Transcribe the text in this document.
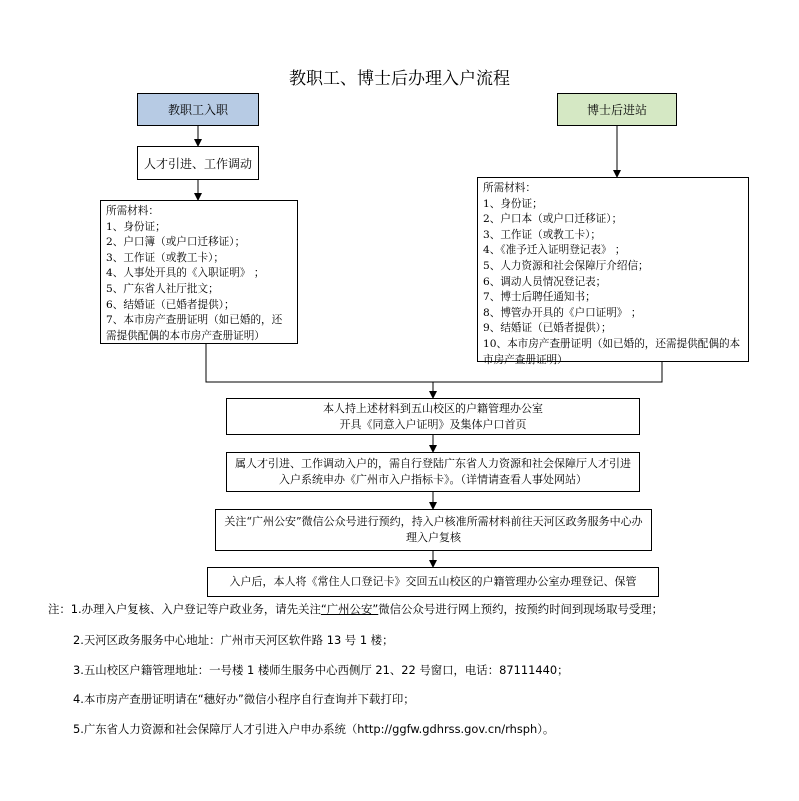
教职工、博士后办理入户流程
教职工入职
人才引进、工作调动
所需材料：
1、身份证；
2、户口簿（或户口迁移证）；
3、工作证（或教工卡）；
4、人事处开具的《入职证明》 ；
5、广东省人社厅批文；
6、结婚证（已婚者提供）；
7、本市房产查册证明（如已婚的，还需提供配偶的本市房产查册证明）
博士后进站
所需材料：
1、身份证；
2、户口本（或户口迁移证）；
3、工作证（或教工卡）；
4、《准予迁入证明登记表》 ；
5、人力资源和社会保障厅介绍信；
6、调动人员情况登记表；
7、博士后聘任通知书；
8、博管办开具的《户口证明》 ；
9、结婚证（已婚者提供）；
10、本市房产查册证明（如已婚的，还需提供配偶的本市房产查册证明）
本人持上述材料到五山校区的户籍管理办公室
开具《同意入户证明》及集体户口首页
属人才引进、工作调动入户的，需自行登陆广东省人力资源和社会保障厅人才引进入户系统申办《广州市入户指标卡》。（详情请查看人事处网站）
关注“广州公安”微信公众号进行预约，持入户核准所需材料前往天河区政务服务中心办理入户复核
入户后，本人将《常住人口登记卡》交回五山校区的户籍管理办公室办理登记、保管
注：1.办理入户复核、入户登记等户政业务，请先关注“广州公安”微信公众号进行网上预约，按预约时间到现场取号受理；
2.天河区政务服务中心地址：广州市天河区软件路 13 号 1 楼；
3.五山校区户籍管理地址：一号楼 1 楼师生服务中心西侧厅 21、22 号窗口，电话：87111440；
4.本市房产查册证明请在“穗好办”微信小程序自行查询并下载打印；
5.广东省人力资源和社会保障厅人才引进入户申办系统（http://ggfw.gdhrss.gov.cn/rhsph）。
